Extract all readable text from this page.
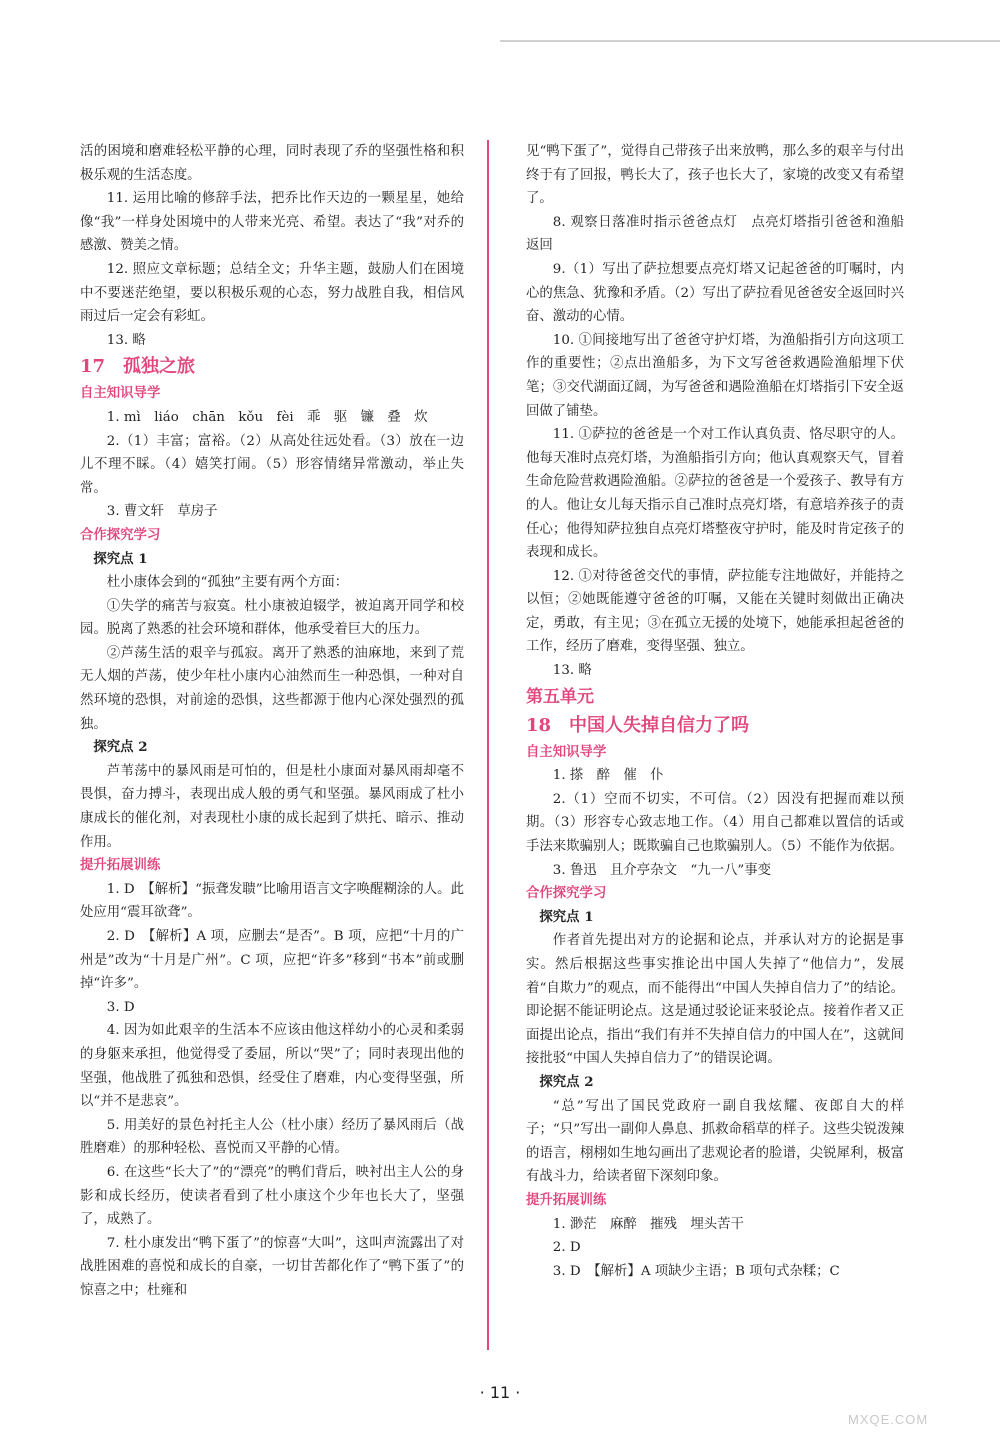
活的困境和磨难轻松平静的心理，同时表现了乔的坚强性格和积极乐观的生活态度。

11. 运用比喻的修辞手法，把乔比作天边的一颗星星，她给像“我”一样身处困境中的人带来光亮、希望。表达了“我”对乔的感激、赞美之情。

12. 照应文章标题；总结全文；升华主题，鼓励人们在困境中不要迷茫绝望，要以积极乐观的心态，努力战胜自我，相信风雨过后一定会有彩虹。

13. 略

17　孤独之旅

自主知识导学

1. mì　liáo　chān　kǒu　fèi　乖　驱　镰　叠　炊

2.（1）丰富；富裕。（2）从高处往远处看。（3）放在一边儿不理不睬。（4）嬉笑打闹。（5）形容情绪异常激动，举止失常。

3. 曹文轩　草房子

合作探究学习

探究点 1

杜小康体会到的“孤独”主要有两个方面：

①失学的痛苦与寂寞。杜小康被迫辍学，被迫离开同学和校园。脱离了熟悉的社会环境和群体，他承受着巨大的压力。

②芦荡生活的艰辛与孤寂。离开了熟悉的油麻地，来到了荒无人烟的芦荡，使少年杜小康内心油然而生一种恐惧，一种对自然环境的恐惧，对前途的恐惧，这些都源于他内心深处强烈的孤独。

探究点 2

芦苇荡中的暴风雨是可怕的，但是杜小康面对暴风雨却毫不畏惧，奋力搏斗，表现出成人般的勇气和坚强。暴风雨成了杜小康成长的催化剂，对表现杜小康的成长起到了烘托、暗示、推动作用。

提升拓展训练

1. D　【解析】“振聋发聩”比喻用语言文字唤醒糊涂的人。此处应用“震耳欲聋”。

2. D　【解析】A 项，应删去“是否”。B 项，应把“十月的广州是”改为“十月是广州”。C 项，应把“许多”移到“书本”前或删掉“许多”。

3. D

4. 因为如此艰辛的生活本不应该由他这样幼小的心灵和柔弱的身躯来承担，他觉得受了委屈，所以“哭”了；同时表现出他的坚强，他战胜了孤独和恐惧，经受住了磨难，内心变得坚强，所以“并不是悲哀”。

5. 用美好的景色衬托主人公（杜小康）经历了暴风雨后（战胜磨难）的那种轻松、喜悦而又平静的心情。

6. 在这些“长大了”的“漂亮”的鸭们背后，映衬出主人公的身影和成长经历，使读者看到了杜小康这个少年也长大了，坚强了，成熟了。

7. 杜小康发出“鸭下蛋了”的惊喜“大叫”，这叫声流露出了对战胜困难的喜悦和成长的自豪，一切甘苦都化作了“鸭下蛋了”的惊喜之中；杜雍和

见“鸭下蛋了”，觉得自己带孩子出来放鸭，那么多的艰辛与付出终于有了回报，鸭长大了，孩子也长大了，家境的改变又有希望了。

8. 观察日落准时指示爸爸点灯　点亮灯塔指引爸爸和渔船返回

9.（1）写出了萨拉想要点亮灯塔又记起爸爸的叮嘱时，内心的焦急、犹豫和矛盾。（2）写出了萨拉看见爸爸安全返回时兴奋、激动的心情。

10. ①间接地写出了爸爸守护灯塔，为渔船指引方向这项工作的重要性；②点出渔船多，为下文写爸爸救遇险渔船埋下伏笔；③交代湖面辽阔，为写爸爸和遇险渔船在灯塔指引下安全返回做了铺垫。

11. ①萨拉的爸爸是一个对工作认真负责、恪尽职守的人。他每天准时点亮灯塔，为渔船指引方向；他认真观察天气，冒着生命危险营救遇险渔船。②萨拉的爸爸是一个爱孩子、教导有方的人。他让女儿每天指示自己准时点亮灯塔，有意培养孩子的责任心；他得知萨拉独自点亮灯塔整夜守护时，能及时肯定孩子的表现和成长。

12. ①对待爸爸交代的事情，萨拉能专注地做好，并能持之以恒；②她既能遵守爸爸的叮嘱，又能在关键时刻做出正确决定，勇敢，有主见；③在孤立无援的处境下，她能承担起爸爸的工作，经历了磨难，变得坚强、独立。

13. 略

第五单元

18　中国人失掉自信力了吗

自主知识导学

1. 搽　醉　催　仆

2.（1）空而不切实，不可信。（2）因没有把握而难以预期。（3）形容专心致志地工作。（4）用自己都难以置信的话或手法来欺骗别人；既欺骗自己也欺骗别人。（5）不能作为依据。

3. 鲁迅　且介亭杂文　“九一八”事变

合作探究学习

探究点 1

作者首先提出对方的论据和论点，并承认对方的论据是事实。然后根据这些事实推论出中国人失掉了“他信力”，发展着“自欺力”的观点，而不能得出“中国人失掉自信力了”的结论。即论据不能证明论点。这是通过驳论证来驳论点。接着作者又正面提出论点，指出“我们有并不失掉自信力的中国人在”，这就间接批驳“中国人失掉自信力了”的错误论调。

探究点 2

“总”写出了国民党政府一副自我炫耀、夜郎自大的样子；“只”写出一副仰人鼻息、抓救命稻草的样子。这些尖锐泼辣的语言，栩栩如生地勾画出了悲观论者的脸谱，尖锐犀利，极富有战斗力，给读者留下深刻印象。

提升拓展训练

1. 渺茫　麻醉　摧残　埋头苦干

2. D

3. D　【解析】A 项缺少主语；B 项句式杂糅；C

· 11 ·
MXQE.COM
